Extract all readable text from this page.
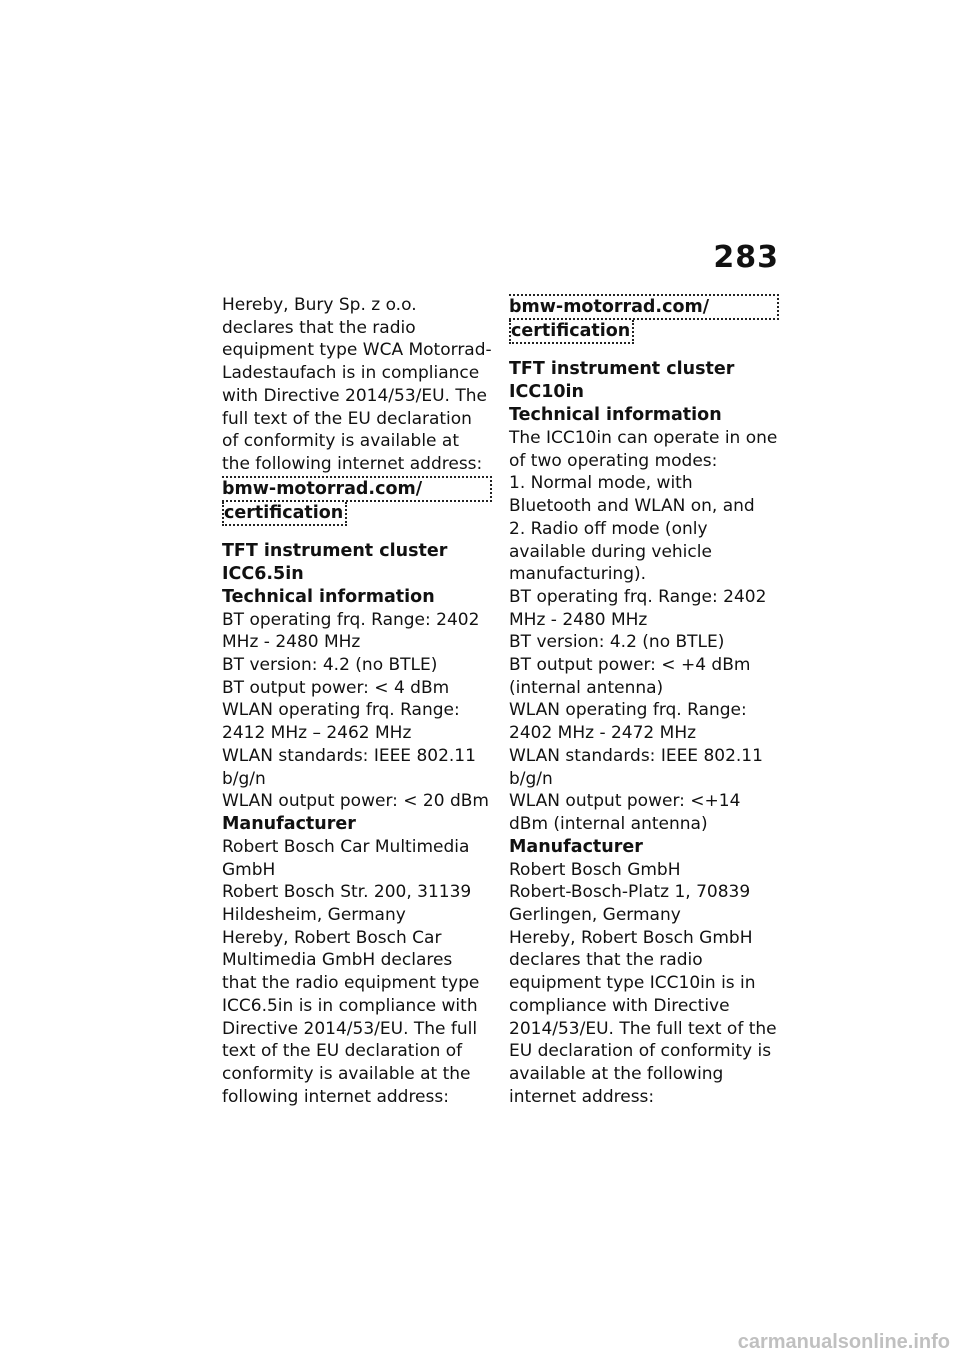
283

Hereby, Bury Sp. z o.o. declares that the radio equipment type WCA Motorrad-Ladestaufach is in compliance with Directive 2014/53/EU. The full text of the EU declaration of conformity is available at the following internet address:

bmw-motorrad.com/
certification
TFT instrument cluster ICC6.5in
Technical information

BT operating frq. Range: 2402 MHz - 2480 MHz
BT version: 4.2 (no BTLE)
BT output power: < 4 dBm
WLAN operating frq. Range: 2412 MHz – 2462 MHz
WLAN standards: IEEE 802.11 b/g/n
WLAN output power: < 20 dBm

Manufacturer

Robert Bosch Car Multimedia GmbH
Robert Bosch Str. 200, 31139 Hildesheim, Germany

Hereby, Robert Bosch Car Multimedia GmbH declares that the radio equipment type ICC6.5in is in compliance with Directive 2014/53/EU. The full text of the EU declaration of conformity is available at the following internet address:

bmw-motorrad.com/
certification
TFT instrument cluster ICC10in
Technical information

The ICC10in can operate in one of two operating modes:
1. Normal mode, with Bluetooth and WLAN on, and
2. Radio off mode (only available during vehicle manufacturing).
BT operating frq. Range: 2402 MHz - 2480 MHz
BT version: 4.2 (no BTLE)
BT output power: < +4 dBm (internal antenna)
WLAN operating frq. Range: 2402 MHz - 2472 MHz
WLAN standards: IEEE 802.11 b/g/n
WLAN output power: <+14 dBm (internal antenna)

Manufacturer

Robert Bosch GmbH
Robert-Bosch-Platz 1, 70839 Gerlingen, Germany

Hereby, Robert Bosch GmbH declares that the radio equipment type ICC10in is in compliance with Directive 2014/53/EU. The full text of the EU declaration of conformity is available at the following internet address:

carmanualsonline.info
